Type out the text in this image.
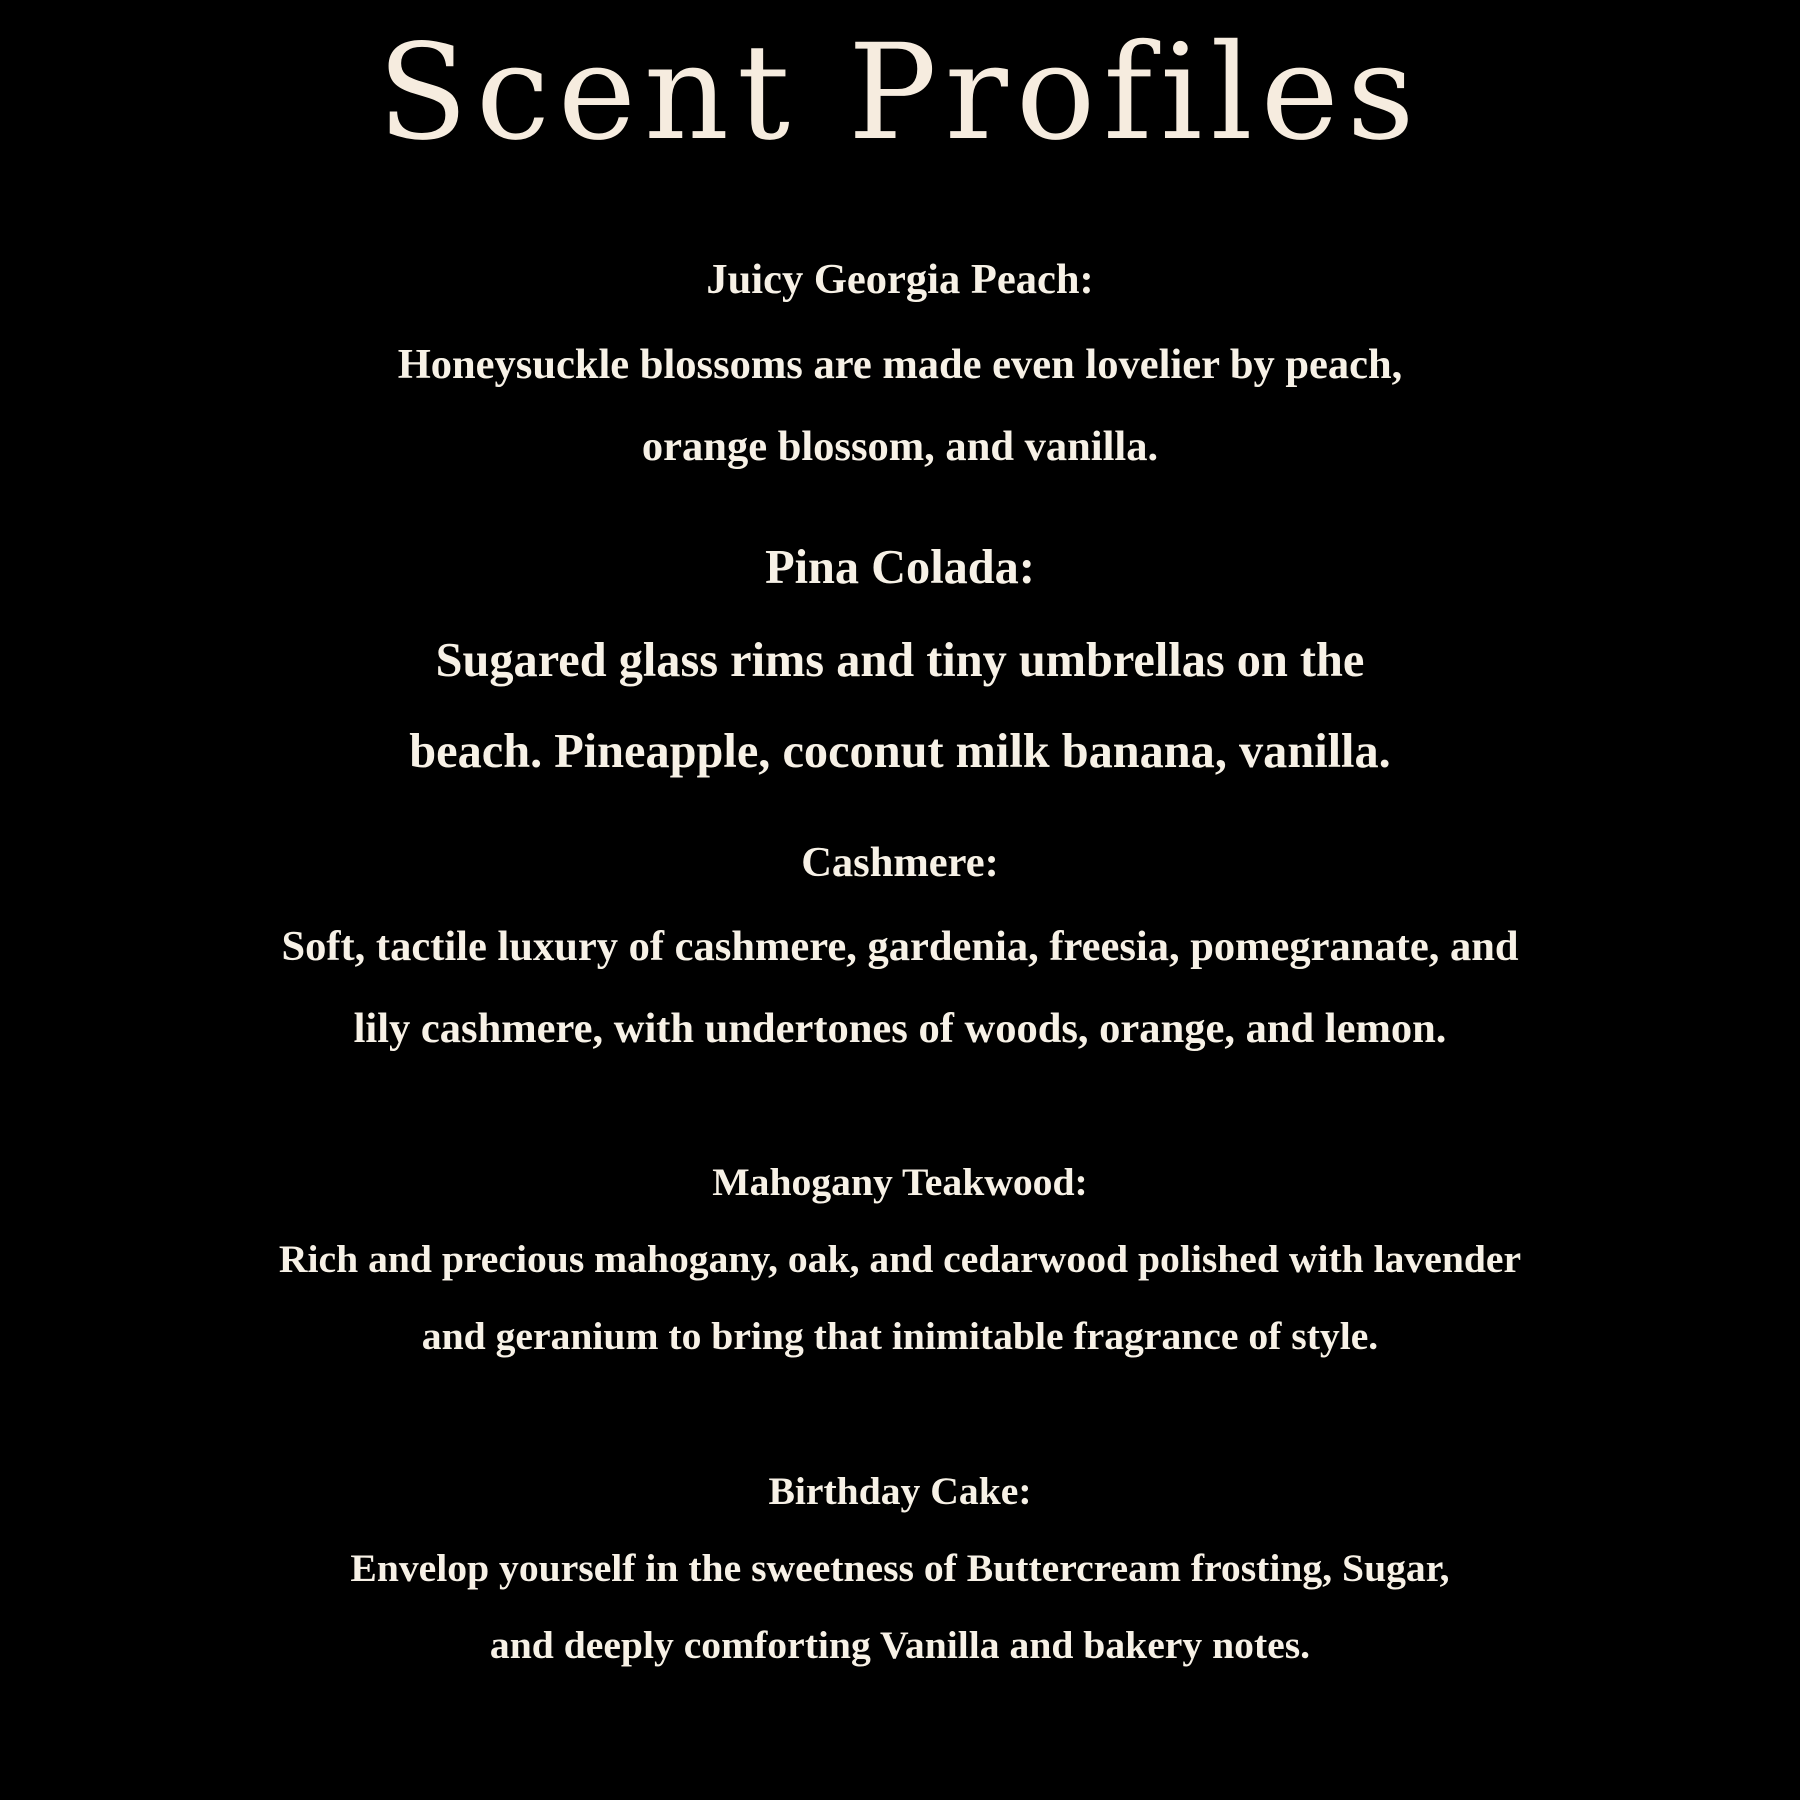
Scent Profiles
Juicy Georgia Peach:
Honeysuckle blossoms are made even lovelier by peach,
orange blossom, and vanilla.
Pina Colada:
Sugared glass rims and tiny umbrellas on the
beach. Pineapple, coconut milk banana, vanilla.
Cashmere:
Soft, tactile luxury of cashmere, gardenia, freesia, pomegranate, and
lily cashmere, with undertones of woods, orange, and lemon.
Mahogany Teakwood:
Rich and precious mahogany, oak, and cedarwood polished with lavender
and geranium to bring that inimitable fragrance of style.
Birthday Cake:
Envelop yourself in the sweetness of Buttercream frosting, Sugar,
and deeply comforting Vanilla and bakery notes.
